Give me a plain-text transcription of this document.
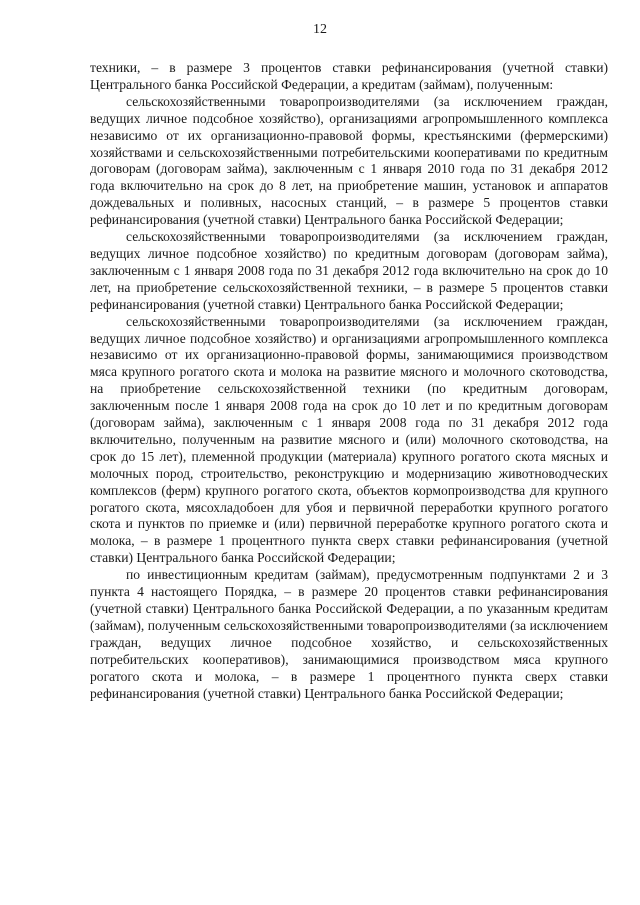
12

техники, – в размере 3 процентов ставки рефинансирования (учетной ставки) Центрального банка Российской Федерации, а кредитам (займам), полученным:

сельскохозяйственными товаропроизводителями (за исключением граждан, ведущих личное подсобное хозяйство), организациями агропромышленного комплекса независимо от их организационно-правовой формы, крестьянскими (фермерскими) хозяйствами и сельскохозяйственными потребительскими кооперативами по кредитным договорам (договорам займа), заключенным с 1 января 2010 года по 31 декабря 2012 года включительно на срок до 8 лет, на приобретение машин, установок и аппаратов дождевальных и поливных, насосных станций, – в размере 5 процентов ставки рефинансирования (учетной ставки) Центрального банка Российской Федерации;

сельскохозяйственными товаропроизводителями (за исключением граждан, ведущих личное подсобное хозяйство) по кредитным договорам (договорам займа), заключенным с 1 января 2008 года по 31 декабря 2012 года включительно на срок до 10 лет, на приобретение сельскохозяйственной техники, – в размере 5 процентов ставки рефинансирования (учетной ставки) Центрального банка Российской Федерации;

сельскохозяйственными товаропроизводителями (за исключением граждан, ведущих личное подсобное хозяйство) и организациями агропромышленного комплекса независимо от их организационно-правовой формы, занимающимися производством мяса крупного рогатого скота и молока на развитие мясного и молочного скотоводства, на приобретение сельскохозяйственной техники (по кредитным договорам, заключенным после 1 января 2008 года на срок до 10 лет и по кредитным договорам (договорам займа), заключенным с 1 января 2008 года по 31 декабря 2012 года включительно, полученным на развитие мясного и (или) молочного скотоводства, на срок до 15 лет), племенной продукции (материала) крупного рогатого скота мясных и молочных пород, строительство, реконструкцию и модернизацию животноводческих комплексов (ферм) крупного рогатого скота, объектов кормопроизводства для крупного рогатого скота, мясохладобоен для убоя и первичной переработки крупного рогатого скота и пунктов по приемке и (или) первичной переработке крупного рогатого скота и молока, – в размере 1 процентного пункта сверх ставки рефинансирования (учетной ставки) Центрального банка Российской Федерации;

по инвестиционным кредитам (займам), предусмотренным подпунктами 2 и 3 пункта 4 настоящего Порядка, – в размере 20 процентов ставки рефинансирования (учетной ставки) Центрального банка Российской Федерации, а по указанным кредитам (займам), полученным сельскохозяйственными товаропроизводителями (за исключением граждан, ведущих личное подсобное хозяйство, и сельскохозяйственных потребительских кооперативов), занимающимися производством мяса крупного рогатого скота и молока, – в размере 1 процентного пункта сверх ставки рефинансирования (учетной ставки) Центрального банка Российской Федерации;
